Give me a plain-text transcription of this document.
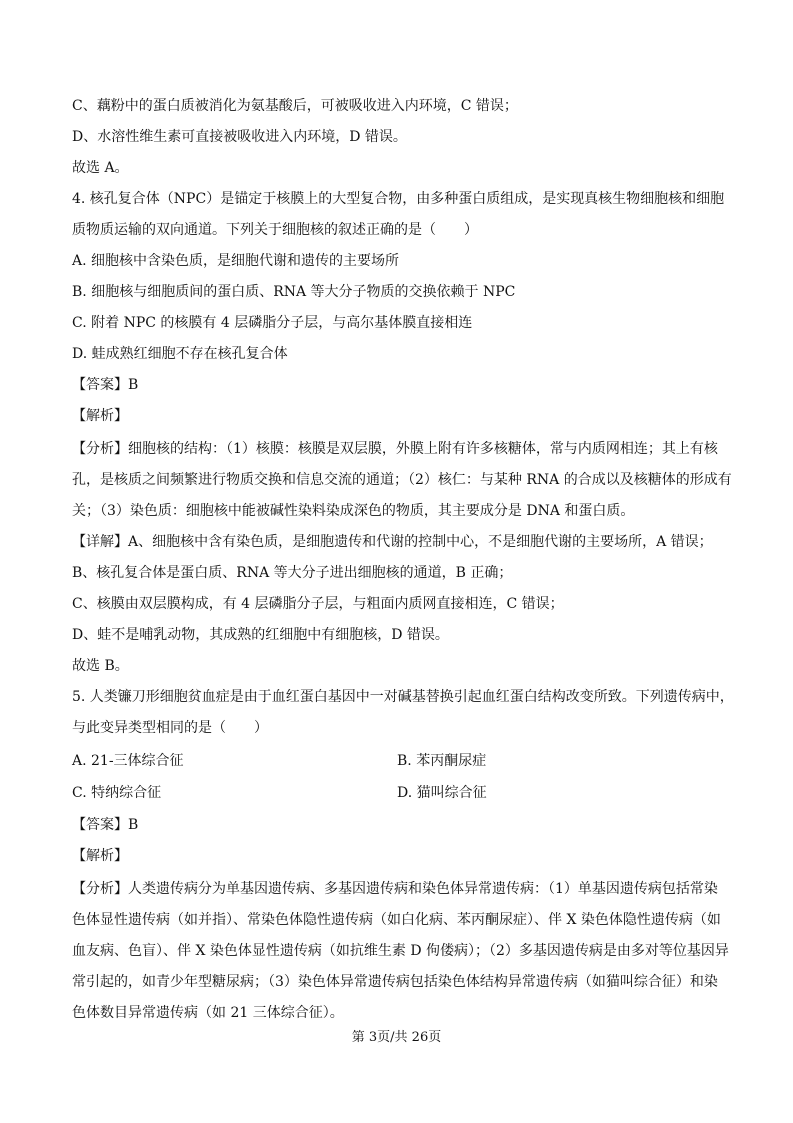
C、藕粉中的蛋白质被消化为氨基酸后，可被吸收进入内环境，C 错误；
D、水溶性维生素可直接被吸收进入内环境，D 错误。
故选 A。
4. 核孔复合体（NPC）是锚定于核膜上的大型复合物，由多种蛋白质组成，是实现真核生物细胞核和细胞
质物质运输的双向通道。下列关于细胞核的叙述正确的是（　　）
A. 细胞核中含染色质，是细胞代谢和遗传的主要场所
B. 细胞核与细胞质间的蛋白质、RNA 等大分子物质的交换依赖于 NPC
C. 附着 NPC 的核膜有 4 层磷脂分子层，与高尔基体膜直接相连
D. 蛙成熟红细胞不存在核孔复合体
【答案】B
【解析】
【分析】细胞核的结构：（1）核膜：核膜是双层膜，外膜上附有许多核糖体，常与内质网相连；其上有核
孔，是核质之间频繁进行物质交换和信息交流的通道；（2）核仁：与某种 RNA 的合成以及核糖体的形成有
关；（3）染色质：细胞核中能被碱性染料染成深色的物质，其主要成分是 DNA 和蛋白质。
【详解】A、细胞核中含有染色质，是细胞遗传和代谢的控制中心，不是细胞代谢的主要场所，A 错误；
B、核孔复合体是蛋白质、RNA 等大分子进出细胞核的通道，B 正确；
C、核膜由双层膜构成，有 4 层磷脂分子层，与粗面内质网直接相连，C 错误；
D、蛙不是哺乳动物，其成熟的红细胞中有细胞核，D 错误。
故选 B。
5. 人类镰刀形细胞贫血症是由于血红蛋白基因中一对碱基替换引起血红蛋白结构改变所致。下列遗传病中，
与此变异类型相同的是（　　）
A. 21-三体综合征	B. 苯丙酮尿症
C. 特纳综合征	D. 猫叫综合征
【答案】B
【解析】
【分析】人类遗传病分为单基因遗传病、多基因遗传病和染色体异常遗传病：（1）单基因遗传病包括常染
色体显性遗传病（如并指）、常染色体隐性遗传病（如白化病、苯丙酮尿症）、伴 X 染色体隐性遗传病（如
血友病、色盲）、伴 X 染色体显性遗传病（如抗维生素 D 佝偻病）；（2）多基因遗传病是由多对等位基因异
常引起的，如青少年型糖尿病；（3）染色体异常遗传病包括染色体结构异常遗传病（如猫叫综合征）和染
色体数目异常遗传病（如 21 三体综合征）。
第 3页/共 26页
